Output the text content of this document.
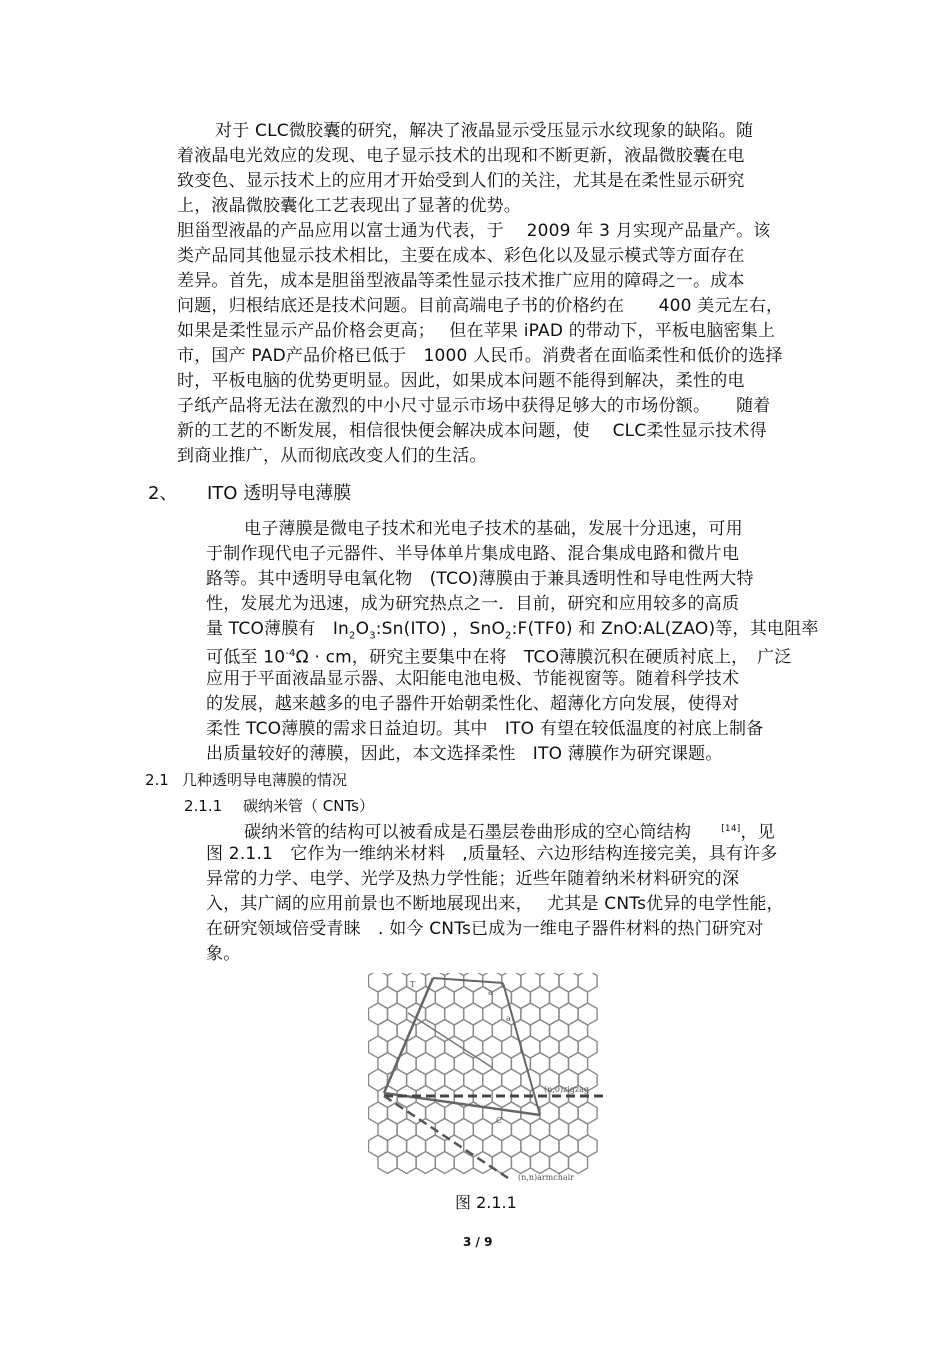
对于 CLC微胶囊的研究，解决了液晶显示受压显示水纹现象的缺陷。随
着液晶电光效应的发现、电子显示技术的出现和不断更新，液晶微胶囊在电
致变色、显示技术上的应用才开始受到人们的关注，尤其是在柔性显示研究
上，液晶微胶囊化工艺表现出了显著的优势。
胆甾型液晶的产品应用以富士通为代表，于　 2009 年 3 月实现产品量产。该
类产品同其他显示技术相比，主要在成本、彩色化以及显示模式等方面存在
差异。首先，成本是胆甾型液晶等柔性显示技术推广应用的障碍之一。成本
问题，归根结底还是技术问题。目前高端电子书的价格约在　　400 美元左右，
如果是柔性显示产品价格会更高；　 但在苹果 iPAD 的带动下，平板电脑密集上
市，国产 PAD产品价格已低于　1000 人民币。消费者在面临柔性和低价的选择
时，平板电脑的优势更明显。因此，如果成本问题不能得到解决，柔性的电
子纸产品将无法在激烈的中小尺寸显示市场中获得足够大的市场份额。　　随着
新的工艺的不断发展，相信很快便会解决成本问题，使　 CLC柔性显示技术得
到商业推广，从而彻底改变人们的生活。
2、 ITO 透明导电薄膜
电子薄膜是微电子技术和光电子技术的基础，发展十分迅速，可用
于制作现代电子元器件、半导体单片集成电路、混合集成电路和微片电
路等。其中透明导电氧化物　(TCO)薄膜由于兼具透明性和导电性两大特
性，发展尤为迅速，成为研究热点之一．目前，研究和应用较多的高质
量 TCO薄膜有　$In_2O_3:Sn(ITO)$ ，SnO$_2$:F(TF0) 和 ZnO:AL(ZAO)等，其电阻率
可低至 $10^{-4}\Omega$ · cm，研究主要集中在将　TCO薄膜沉积在硬质衬底上，　广泛
应用于平面液晶显示器、太阳能电池电极、节能视窗等。随着科学技术
的发展，越来越多的电子器件开始朝柔性化、超薄化方向发展，使得对
柔性 TCO薄膜的需求日益迫切。其中　ITO 有望在较低温度的衬底上制备
出质量较好的薄膜，因此，本文选择柔性　ITO 薄膜作为研究课题。
2.1 几种透明导电薄膜的情况
2.1.1 碳纳米管（ CNTs）
碳纳米管的结构可以被看成是石墨层卷曲形成的空心筒结构	[14]，见
图 2.1.1　它作为一维纳米材料　,质量轻、六边形结构连接完美，具有许多
异常的力学、电学、光学及热力学性能；近些年随着纳米材料研究的深
入，其广阔的应用前景也不断地展现出来，　 尤其是 CNTs优异的电学性能，
在研究领域倍受青睐　. 如今 CNTs已成为一维电子器件材料的热门研究对
象。
T
a
a
(n,0)zigzag
C
(n,n)armchair
图 2.1.1
3 / 9
